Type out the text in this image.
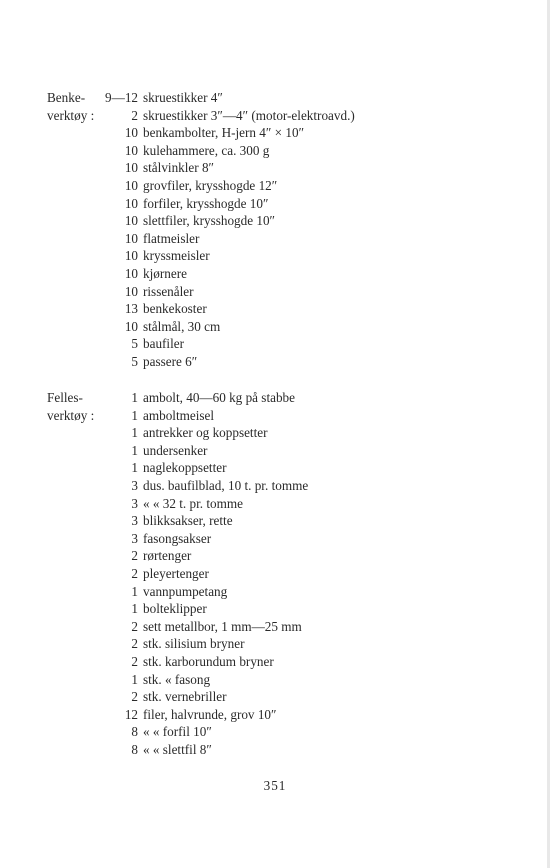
Benke-
verktøy :
9—12 skruestikker 4″
2 skruestikker 3″—4″ (motor-elektroavd.)
10 benkambolter, H-jern 4″ × 10″
10 kulehammere, ca. 300 g
10 stålvinkler 8″
10 grovfiler, krysshogde 12″
10 forfiler, krysshogde 10″
10 slettfiler, krysshogde 10″
10 flatmeisler
10 kryssmeisler
10 kjørnere
10 rissenåler
13 benkekoster
10 stålmål, 30 cm
5 baufiler
5 passere 6″
Felles-
verktøy :
1 ambolt, 40—60 kg på stabbe
1 amboltmeisel
1 antrekker og koppsetter
1 undersenker
1 naglekoppsetter
3 dus. baufilblad, 10 t. pr. tomme
3 « « 32 t. pr. tomme
3 blikksakser, rette
3 fasongsakser
2 rørtenger
2 pleyertenger
1 vannpumpetang
1 bolteklipper
2 sett metallbor, 1 mm—25 mm
2 stk. silisium bryner
2 stk. karborundum bryner
1 stk. « fasong
2 stk. vernebriller
12 filer, halvrunde, grov 10″
8 « « forfil 10″
8 « « slettfil 8″
351
